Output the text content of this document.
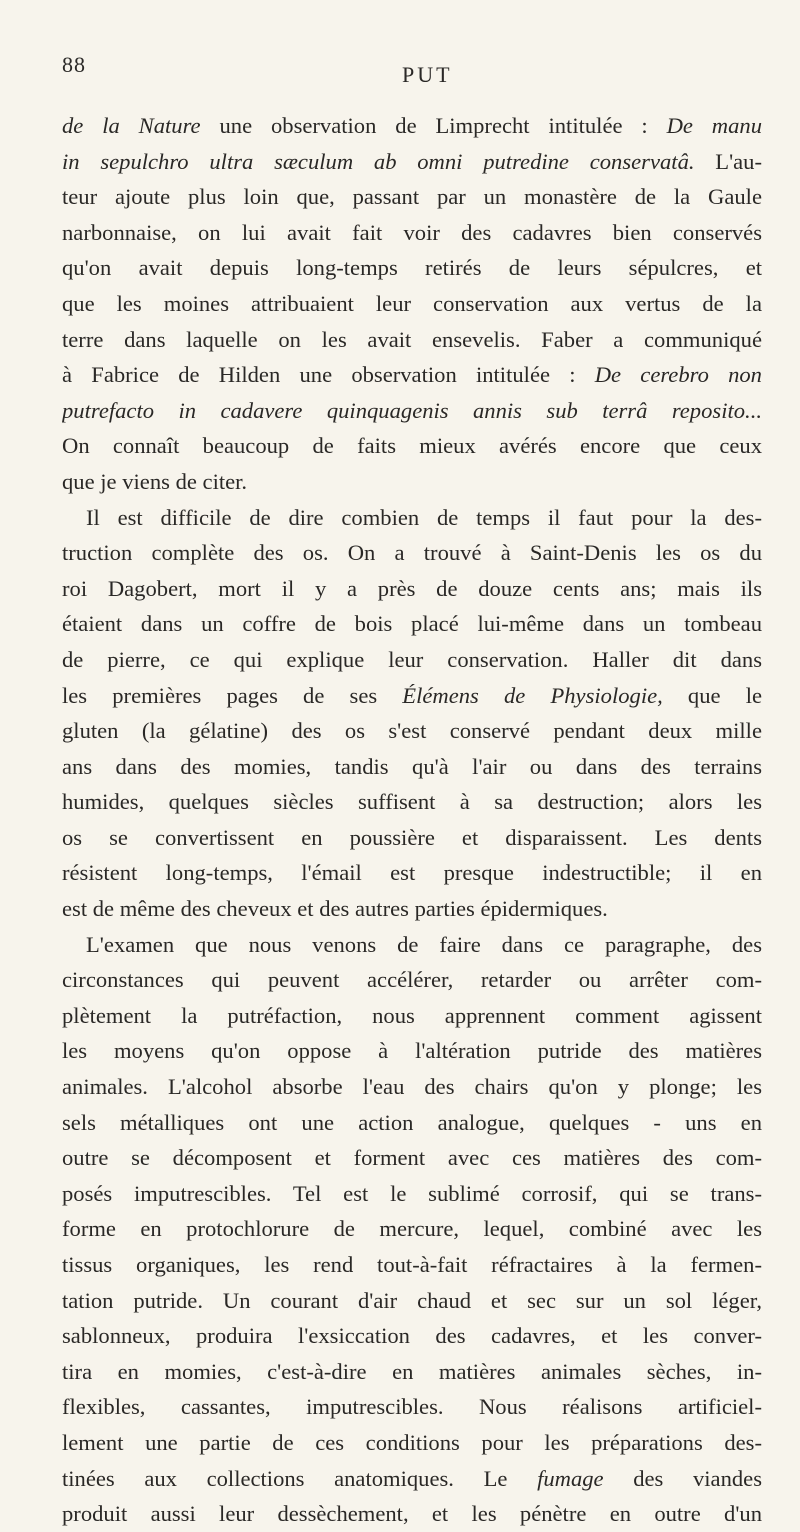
88	PUT
de la Nature une observation de Limprecht intitulée : De manu
in sepulchro ultra sæculum ab omni putredine conservatâ. L'au-
teur ajoute plus loin que, passant par un monastère de la Gaule
narbonnaise, on lui avait fait voir des cadavres bien conservés
qu'on avait depuis long-temps retirés de leurs sépulcres, et
que les moines attribuaient leur conservation aux vertus de la
terre dans laquelle on les avait ensevelis. Faber a communiqué
à Fabrice de Hilden une observation intitulée : De cerebro non
putrefacto in cadavere quinquagenis annis sub terrâ reposito...
On connaît beaucoup de faits mieux avérés encore que ceux
que je viens de citer.
Il est difficile de dire combien de temps il faut pour la des-
truction complète des os. On a trouvé à Saint-Denis les os du
roi Dagobert, mort il y a près de douze cents ans; mais ils
étaient dans un coffre de bois placé lui-même dans un tombeau
de pierre, ce qui explique leur conservation. Haller dit dans
les premières pages de ses Élémens de Physiologie, que le
gluten (la gélatine) des os s'est conservé pendant deux mille
ans dans des momies, tandis qu'à l'air ou dans des terrains
humides, quelques siècles suffisent à sa destruction; alors les
os se convertissent en poussière et disparaissent. Les dents
résistent long-temps, l'émail est presque indestructible; il en
est de même des cheveux et des autres parties épidermiques.
L'examen que nous venons de faire dans ce paragraphe, des
circonstances qui peuvent accélérer, retarder ou arrêter com-
plètement la putréfaction, nous apprennent comment agissent
les moyens qu'on oppose à l'altération putride des matières
animales. L'alcohol absorbe l'eau des chairs qu'on y plonge; les
sels métalliques ont une action analogue, quelques - uns en
outre se décomposent et forment avec ces matières des com-
posés imputrescibles. Tel est le sublimé corrosif, qui se trans-
forme en protochlorure de mercure, lequel, combiné avec les
tissus organiques, les rend tout-à-fait réfractaires à la fermen-
tation putride. Un courant d'air chaud et sec sur un sol léger,
sablonneux, produira l'exsiccation des cadavres, et les conver-
tira en momies, c'est-à-dire en matières animales sèches, in-
flexibles, cassantes, imputrescibles. Nous réalisons artificiel-
lement une partie de ces conditions pour les préparations des-
tinées aux collections anatomiques. Le fumage des viandes
produit aussi leur dessèchement, et les pénètre en outre d'un
